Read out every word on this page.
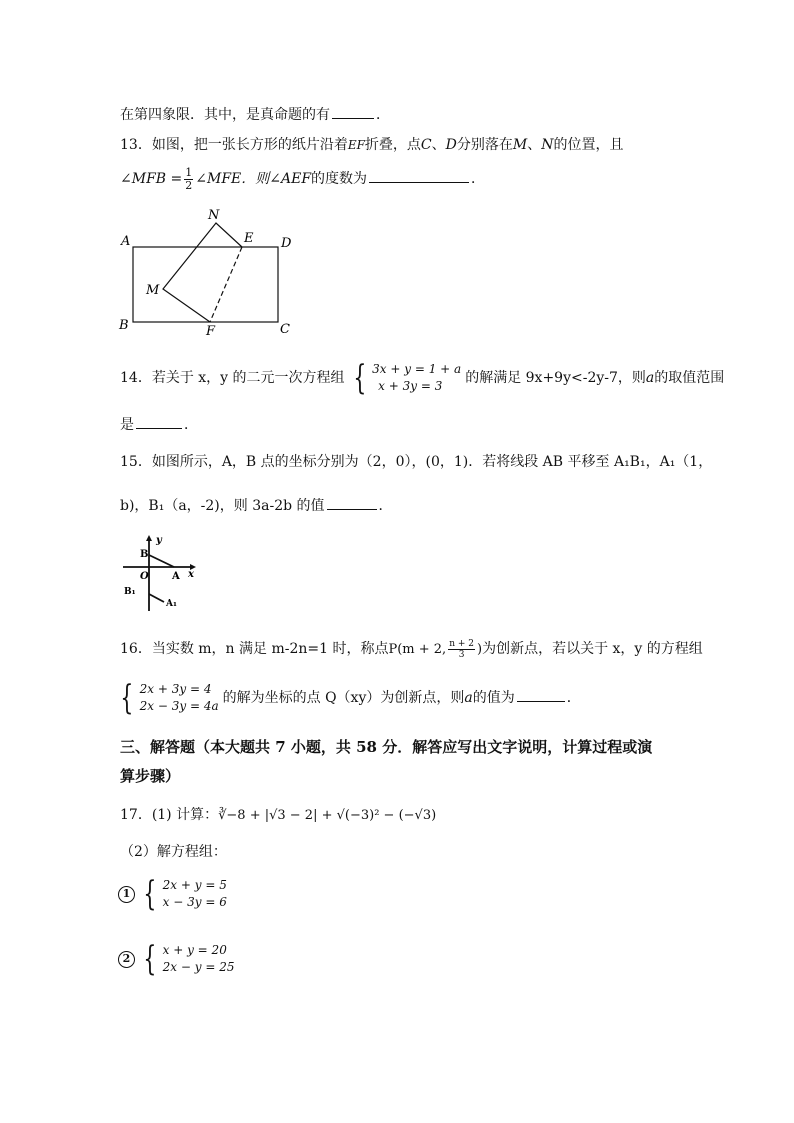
在第四象限．其中，是真命题的有	．
13．如图，把一张长方形的纸片沿着EF折叠，点C、D分别落在M、N的位置，且
∠MFB = $\frac{1}{2}$ ∠MFE．则∠AEF的度数为	．
A
B	C
D
E
F
M
N
14．若关于 x，y 的二元一次方程组 { 3x + y = 1 + a
x + 3y = 3	的解满足 9x+9y<-2y-7，则a的取值范围
是	．
15．如图所示，A，B 点的坐标分别为（2，0），(0，1)．若将线段 AB 平移至 A₁B₁，A₁（1，
b)，B₁（a，-2)，则 3a-2b 的值	．
y
x
B
O A
B₁
A₁
16．当实数 m，n 满足 m-2n=1 时，称点P(m + 2, $\frac{n + 2}{3}$ )为创新点，若以关于 x，y 的方程组
{ 2x + 3y = 4
2x − 3y = 4a 的解为坐标的点 Q（xy）为创新点，则a的值为	．
三、解答题（本大题共 7 小题，共 58 分．解答应写出文字说明，计算过程或演
算步骤）
17．(1) 计算：∛−8 + |√3 − 2| + √(−3)² − (−√3)
（2）解方程组：
1 { 2x + y = 5
x − 3y = 6
2 { x + y = 20
2x − y = 25
